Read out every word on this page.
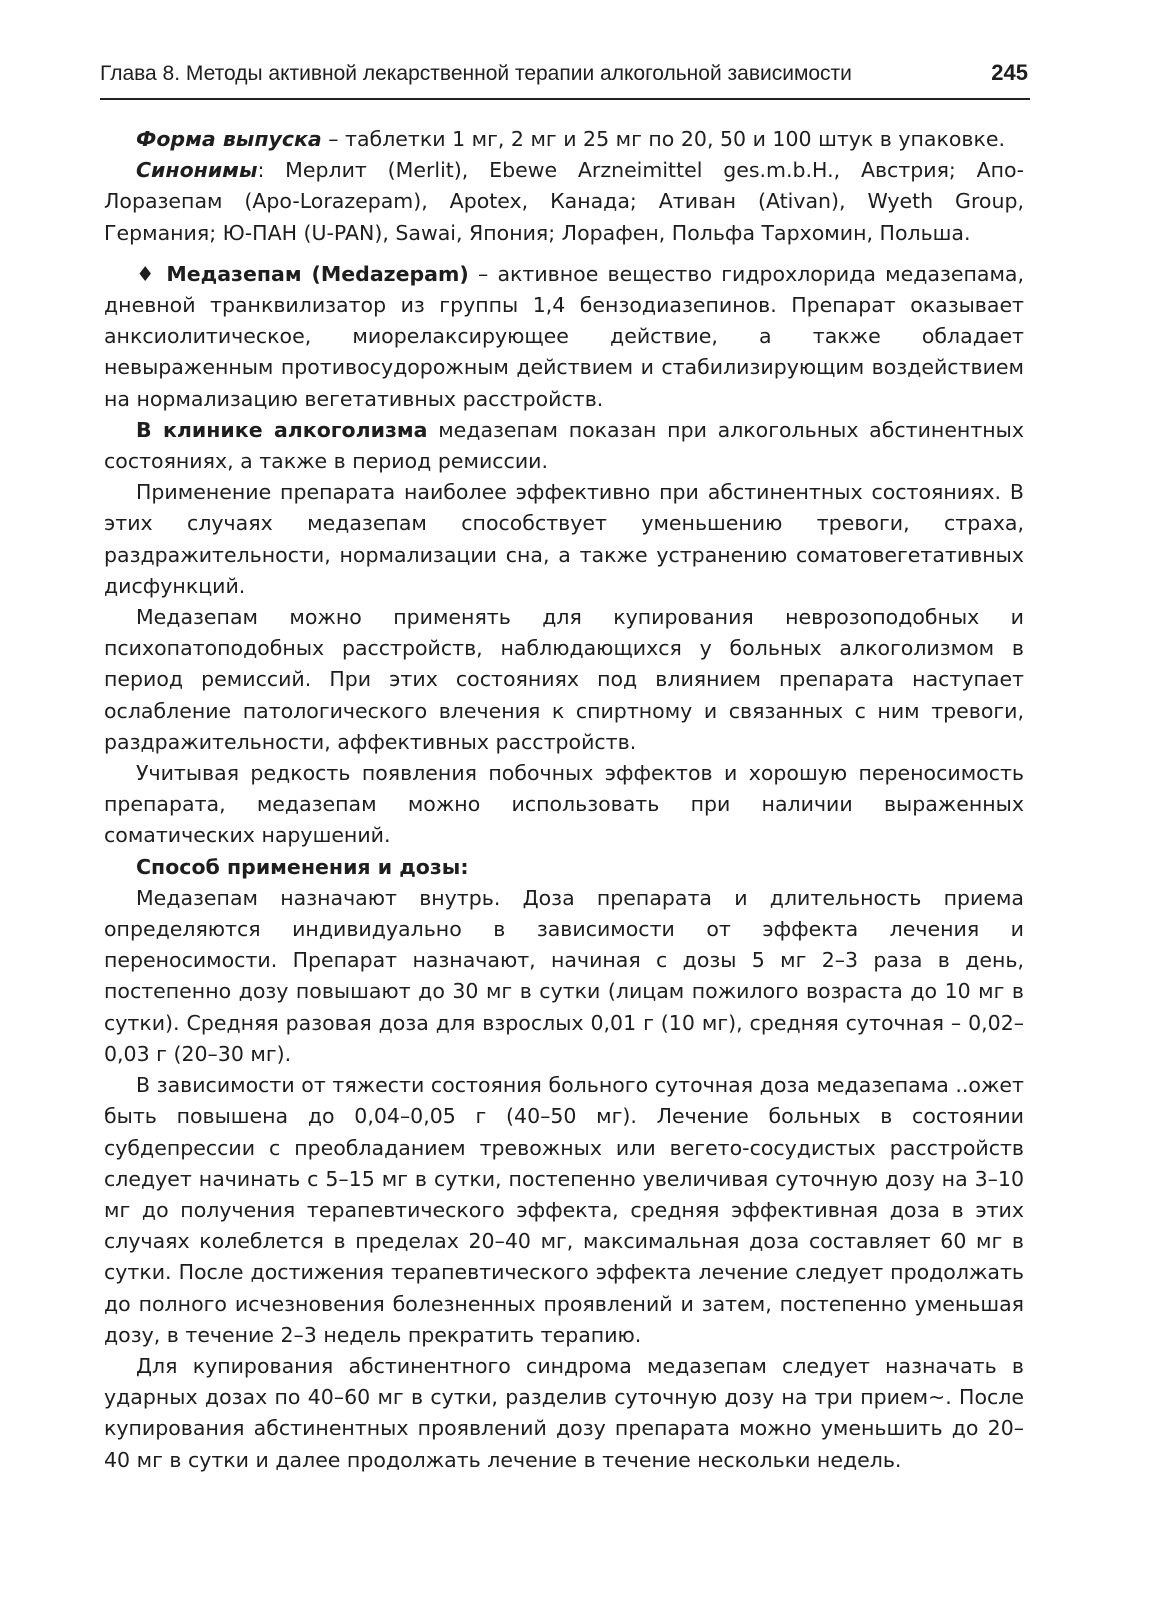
Глава 8. Методы активной лекарственной терапии алкогольной зависимости	245

Форма выпуска – таблетки 1 мг, 2 мг и 25 мг по 20, 50 и 100 штук в упаковке.

Синонимы: Мерлит (Merlit), Ebewe Arzneimittel ges.m.b.H., Австрия; Апо-Лоразепам (Apo-Lorazepam), Apotex, Канада; Ативан (Ativan), Wyeth Group, Германия; Ю-ПАН (U-PAN), Sawai, Япония; Лорафен, Польфа Тархомин, Польша.

♦ Медазепам (Medazepam) – активное вещество гидрохлорида медазепама, дневной транквилизатор из группы 1,4 бензодиазепинов. Препарат оказывает анксиолитическое, миорелаксирующее действие, а также обладает невыраженным противосудорожным действием и стабилизирующим воздействием на нормализацию вегетативных расстройств.

В клинике алкоголизма медазепам показан при алкогольных абстинентных состояниях, а также в период ремиссии.

Применение препарата наиболее эффективно при абстинентных состояниях. В этих случаях медазепам способствует уменьшению тревоги, страха, раздражительности, нормализации сна, а также устранению соматовегетативных дисфункций.

Медазепам можно применять для купирования неврозоподобных и психопатоподобных расстройств, наблюдающихся у больных алкоголизмом в период ремиссий. При этих состояниях под влиянием препарата наступает ослабление патологического влечения к спиртному и связанных с ним тревоги, раздражительности, аффективных расстройств.

Учитывая редкость появления побочных эффектов и хорошую переносимость препарата, медазепам можно использовать при наличии выраженных соматических нарушений.

Способ применения и дозы:

Медазепам назначают внутрь. Доза препарата и длительность приема определяются индивидуально в зависимости от эффекта лечения и переносимости. Препарат назначают, начиная с дозы 5 мг 2–3 раза в день, постепенно дозу повышают до 30 мг в сутки (лицам пожилого возраста до 10 мг в сутки). Средняя разовая доза для взрослых 0,01 г (10 мг), средняя суточная – 0,02–0,03 г (20–30 мг).

В зависимости от тяжести состояния больного суточная доза медазепама ..ожет быть повышена до 0,04–0,05 г (40–50 мг). Лечение больных в состоянии субдепрессии с преобладанием тревожных или вегето-сосудистых расстройств следует начинать с 5–15 мг в сутки, постепенно увеличивая суточную дозу на 3–10 мг до получения терапевтического эффекта, средняя эффективная доза в этих случаях колеблется в пределах 20–40 мг, максимальная доза составляет 60 мг в сутки. После достижения терапевтического эффекта лечение следует продолжать до полного исчезновения болезненных проявлений и затем, постепенно уменьшая дозу, в течение 2–3 недель прекратить терапию.

Для купирования абстинентного синдрома медазепам следует назначать в ударных дозах по 40–60 мг в сутки, разделив суточную дозу на три прием~. После купирования абстинентных проявлений дозу препарата можно уменьшить до 20–40 мг в сутки и далее продолжать лечение в течение нескольки недель.
